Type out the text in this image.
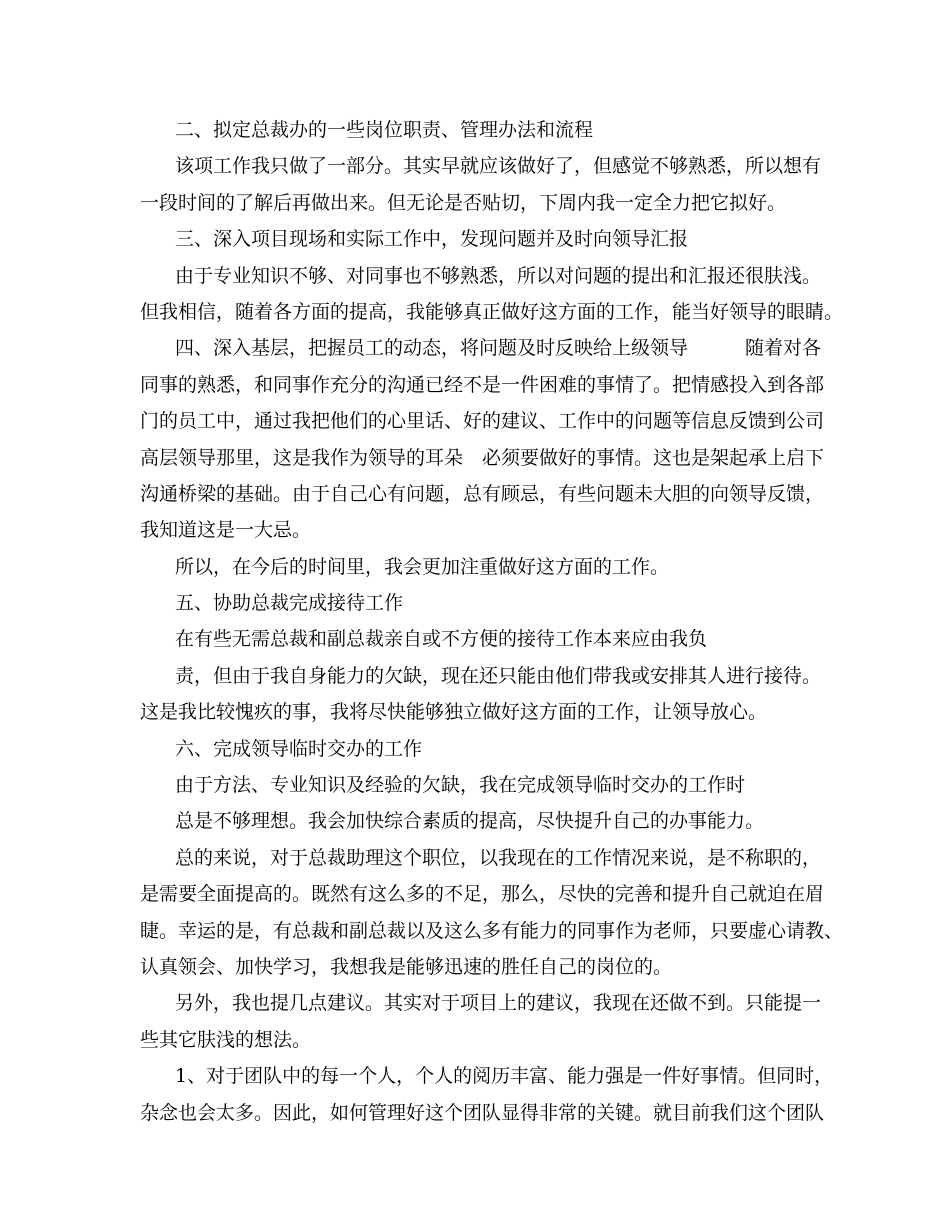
二、拟定总裁办的一些岗位职责、管理办法和流程
该项工作我只做了一部分。其实早就应该做好了，但感觉不够熟悉，所以想有
一段时间的了解后再做出来。但无论是否贴切，下周内我一定全力把它拟好。
三、深入项目现场和实际工作中，发现问题并及时向领导汇报
由于专业知识不够、对同事也不够熟悉，所以对问题的提出和汇报还很肤浅。
但我相信，随着各方面的提高，我能够真正做好这方面的工作，能当好领导的眼睛。
四、深入基层，把握员工的动态，将问题及时反映给上级领导　　　随着对各
同事的熟悉，和同事作充分的沟通已经不是一件困难的事情了。把情感投入到各部
门的员工中，通过我把他们的心里话、好的建议、工作中的问题等信息反馈到公司
高层领导那里，这是我作为领导的耳朵　必须要做好的事情。这也是架起承上启下
沟通桥梁的基础。由于自己心有问题，总有顾忌，有些问题未大胆的向领导反馈，
我知道这是一大忌。
所以，在今后的时间里，我会更加注重做好这方面的工作。
五、协助总裁完成接待工作
在有些无需总裁和副总裁亲自或不方便的接待工作本来应由我负
责，但由于我自身能力的欠缺，现在还只能由他们带我或安排其人进行接待。
这是我比较愧疚的事，我将尽快能够独立做好这方面的工作，让领导放心。
六、完成领导临时交办的工作
由于方法、专业知识及经验的欠缺，我在完成领导临时交办的工作时
总是不够理想。我会加快综合素质的提高，尽快提升自己的办事能力。
总的来说，对于总裁助理这个职位，以我现在的工作情况来说，是不称职的，
是需要全面提高的。既然有这么多的不足，那么，尽快的完善和提升自己就迫在眉
睫。幸运的是，有总裁和副总裁以及这么多有能力的同事作为老师，只要虚心请教、
认真领会、加快学习，我想我是能够迅速的胜任自己的岗位的。
另外，我也提几点建议。其实对于项目上的建议，我现在还做不到。只能提一
些其它肤浅的想法。
1、对于团队中的每一个人，个人的阅历丰富、能力强是一件好事情。但同时，
杂念也会太多。因此，如何管理好这个团队显得非常的关键。就目前我们这个团队
